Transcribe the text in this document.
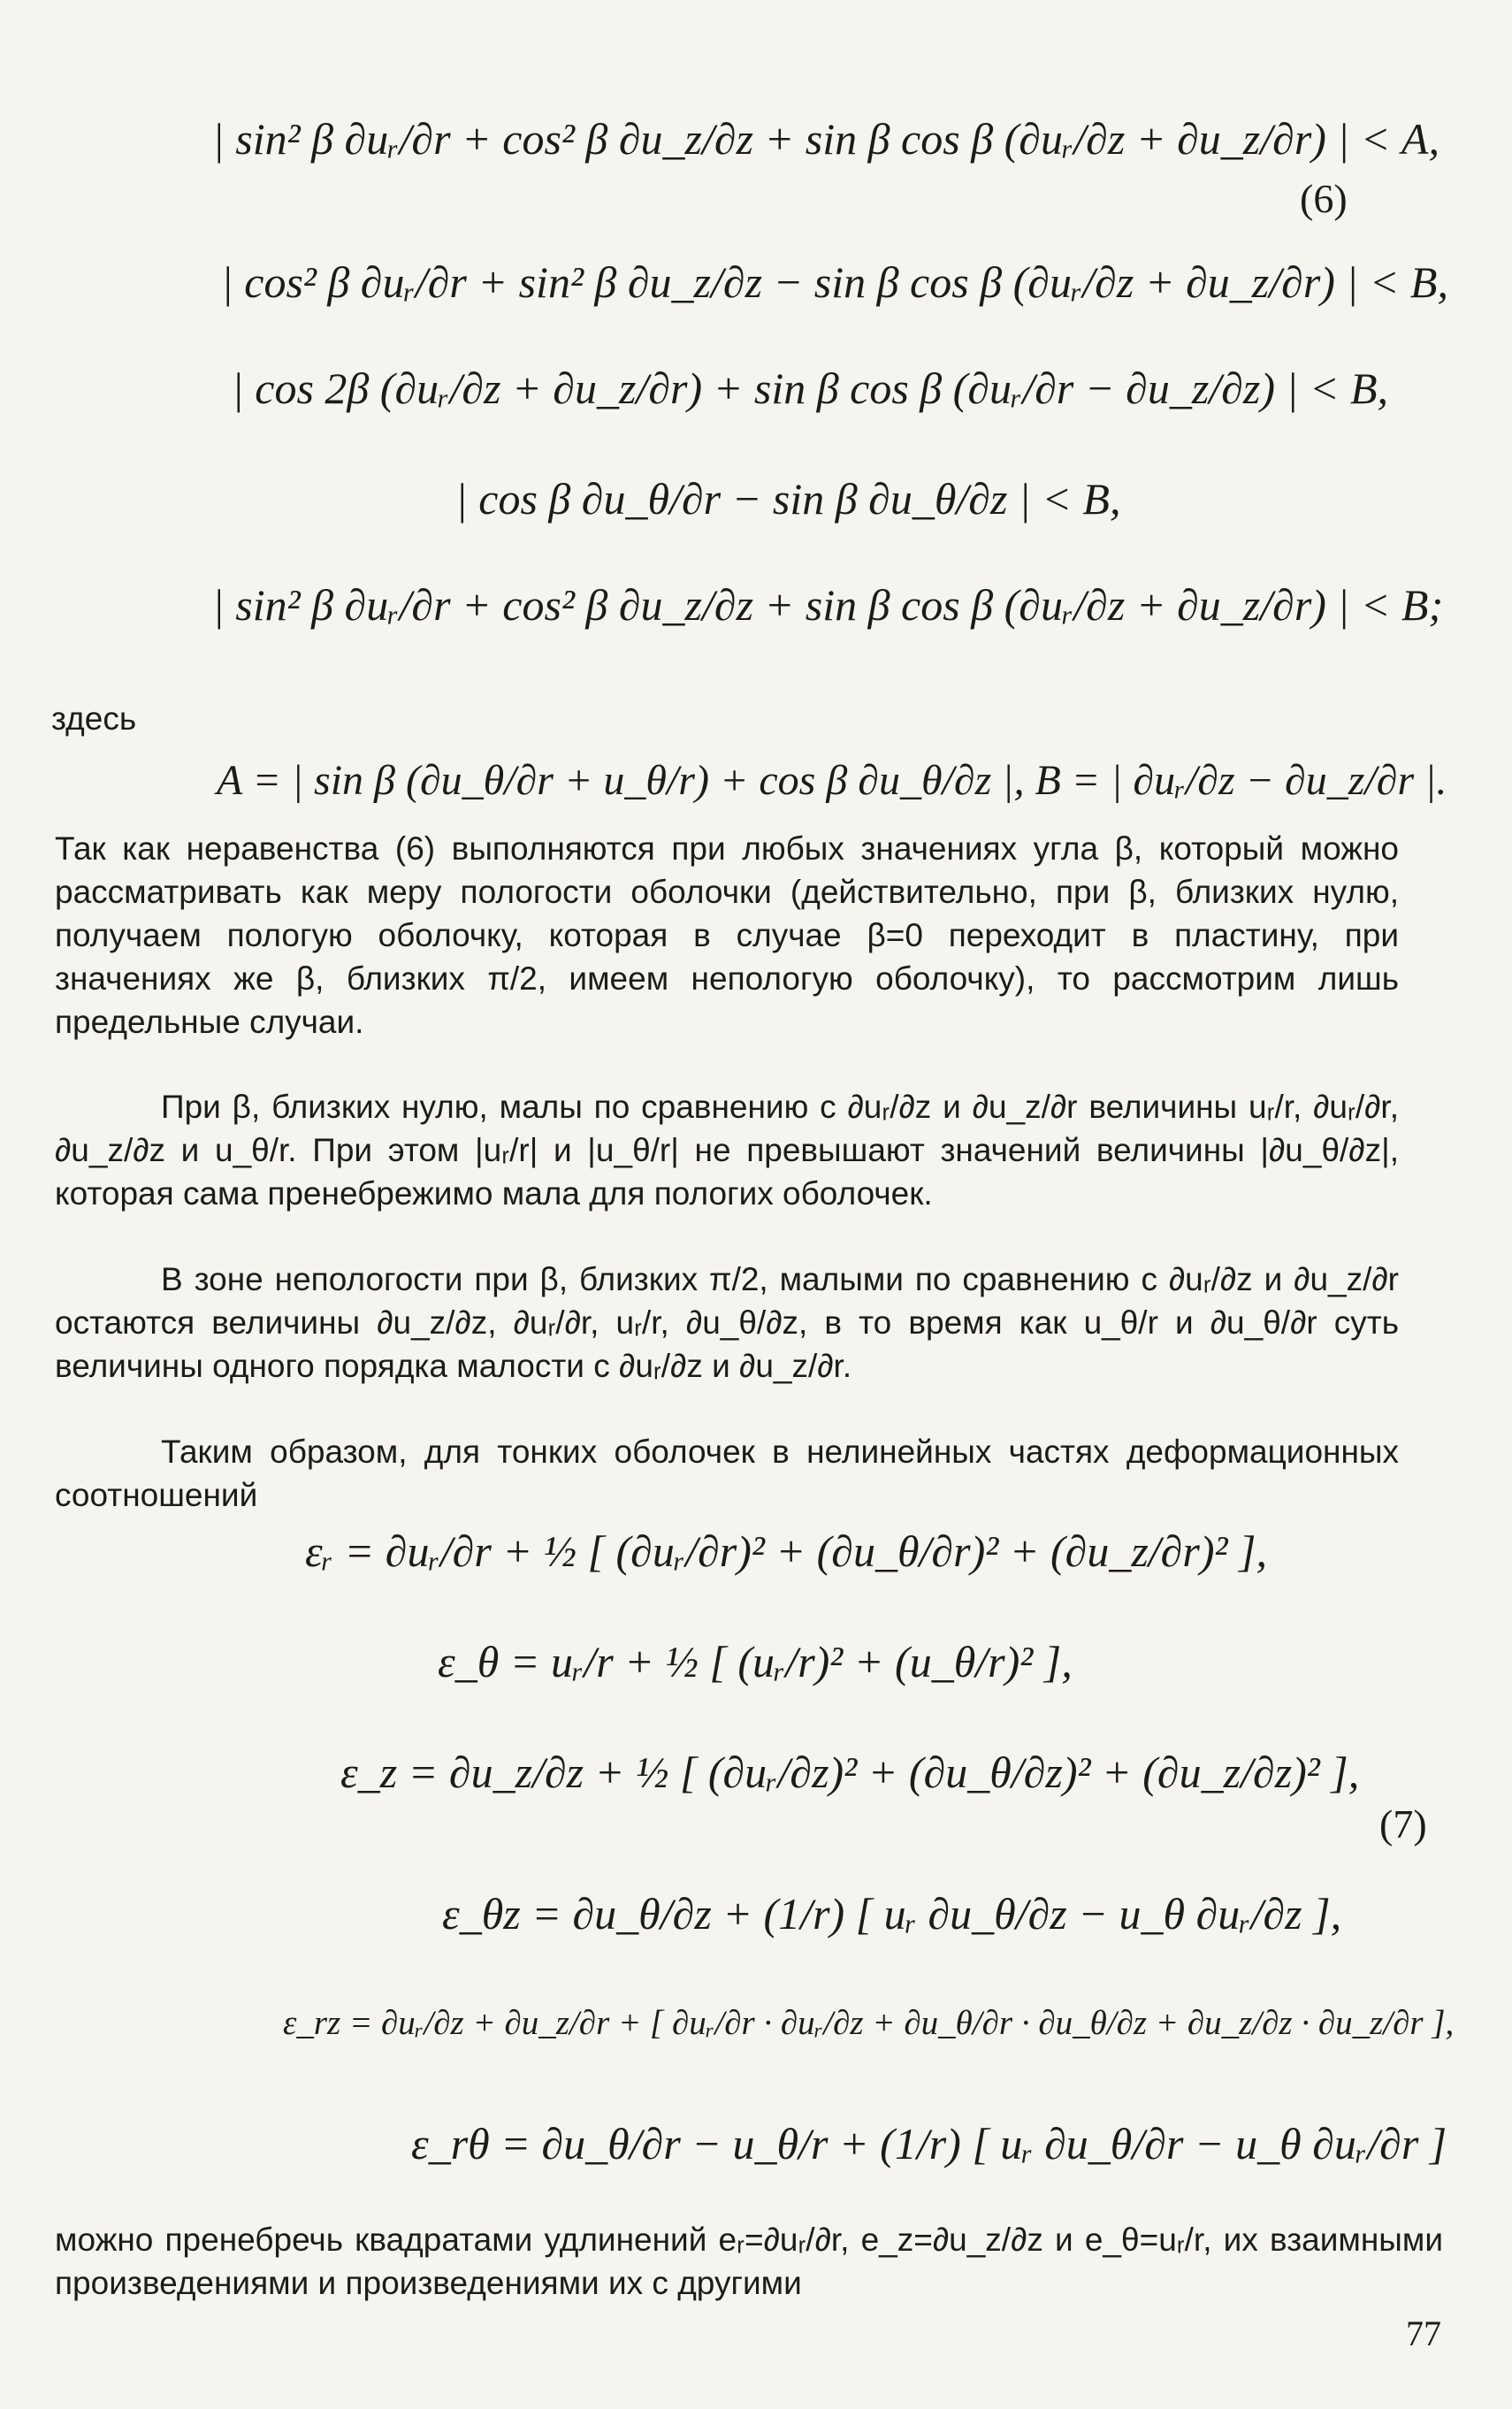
| sin² β ∂uᵣ/∂r + cos² β ∂u_z/∂z + sin β cos β (∂uᵣ/∂z + ∂u_z/∂r) | < A,
(6)
| cos² β ∂uᵣ/∂r + sin² β ∂u_z/∂z − sin β cos β (∂uᵣ/∂z + ∂u_z/∂r) | < B,
| cos 2β (∂uᵣ/∂z + ∂u_z/∂r) + sin β cos β (∂uᵣ/∂r − ∂u_z/∂z) | < B,
| cos β ∂u_θ/∂r − sin β ∂u_θ/∂z | < B,
| sin² β ∂uᵣ/∂r + cos² β ∂u_z/∂z + sin β cos β (∂uᵣ/∂z + ∂u_z/∂r) | < B;
здесь
A = | sin β (∂u_θ/∂r + u_θ/r) + cos β ∂u_θ/∂z |, B = | ∂uᵣ/∂z − ∂u_z/∂r |.

Так как неравенства (6) выполняются при любых значениях угла β, который можно рассматривать как меру пологости оболочки (действительно, при β, близких нулю, получаем пологую оболочку, которая в случае β=0 переходит в пластину, при значениях же β, близких π/2, имеем непологую оболочку), то рассмотрим лишь предельные случаи.

При β, близких нулю, малы по сравнению с ∂uᵣ/∂z и ∂u_z/∂r величины uᵣ/r, ∂uᵣ/∂r, ∂u_z/∂z и u_θ/r. При этом |uᵣ/r| и |u_θ/r| не превышают значений величины |∂u_θ/∂z|, которая сама пренебрежимо мала для пологих оболочек.

В зоне непологости при β, близких π/2, малыми по сравнению с ∂uᵣ/∂z и ∂u_z/∂r остаются величины ∂u_z/∂z, ∂uᵣ/∂r, uᵣ/r, ∂u_θ/∂z, в то время как u_θ/r и ∂u_θ/∂r суть величины одного порядка малости с ∂uᵣ/∂z и ∂u_z/∂r.

Таким образом, для тонких оболочек в нелинейных частях деформационных соотношений

εᵣ = ∂uᵣ/∂r + ½ [ (∂uᵣ/∂r)² + (∂u_θ/∂r)² + (∂u_z/∂r)² ],
ε_θ = uᵣ/r + ½ [ (uᵣ/r)² + (u_θ/r)² ],
ε_z = ∂u_z/∂z + ½ [ (∂uᵣ/∂z)² + (∂u_θ/∂z)² + (∂u_z/∂z)² ],
(7)
ε_θz = ∂u_θ/∂z + (1/r) [ uᵣ ∂u_θ/∂z − u_θ ∂uᵣ/∂z ],
ε_rz = ∂uᵣ/∂z + ∂u_z/∂r + [ ∂uᵣ/∂r · ∂uᵣ/∂z + ∂u_θ/∂r · ∂u_θ/∂z + ∂u_z/∂z · ∂u_z/∂r ],
ε_rθ = ∂u_θ/∂r − u_θ/r + (1/r) [ uᵣ ∂u_θ/∂r − u_θ ∂uᵣ/∂r ]

можно пренебречь квадратами удлинений eᵣ=∂uᵣ/∂r, e_z=∂u_z/∂z и e_θ=uᵣ/r, их взаимными произведениями и произведениями их с другими

77
